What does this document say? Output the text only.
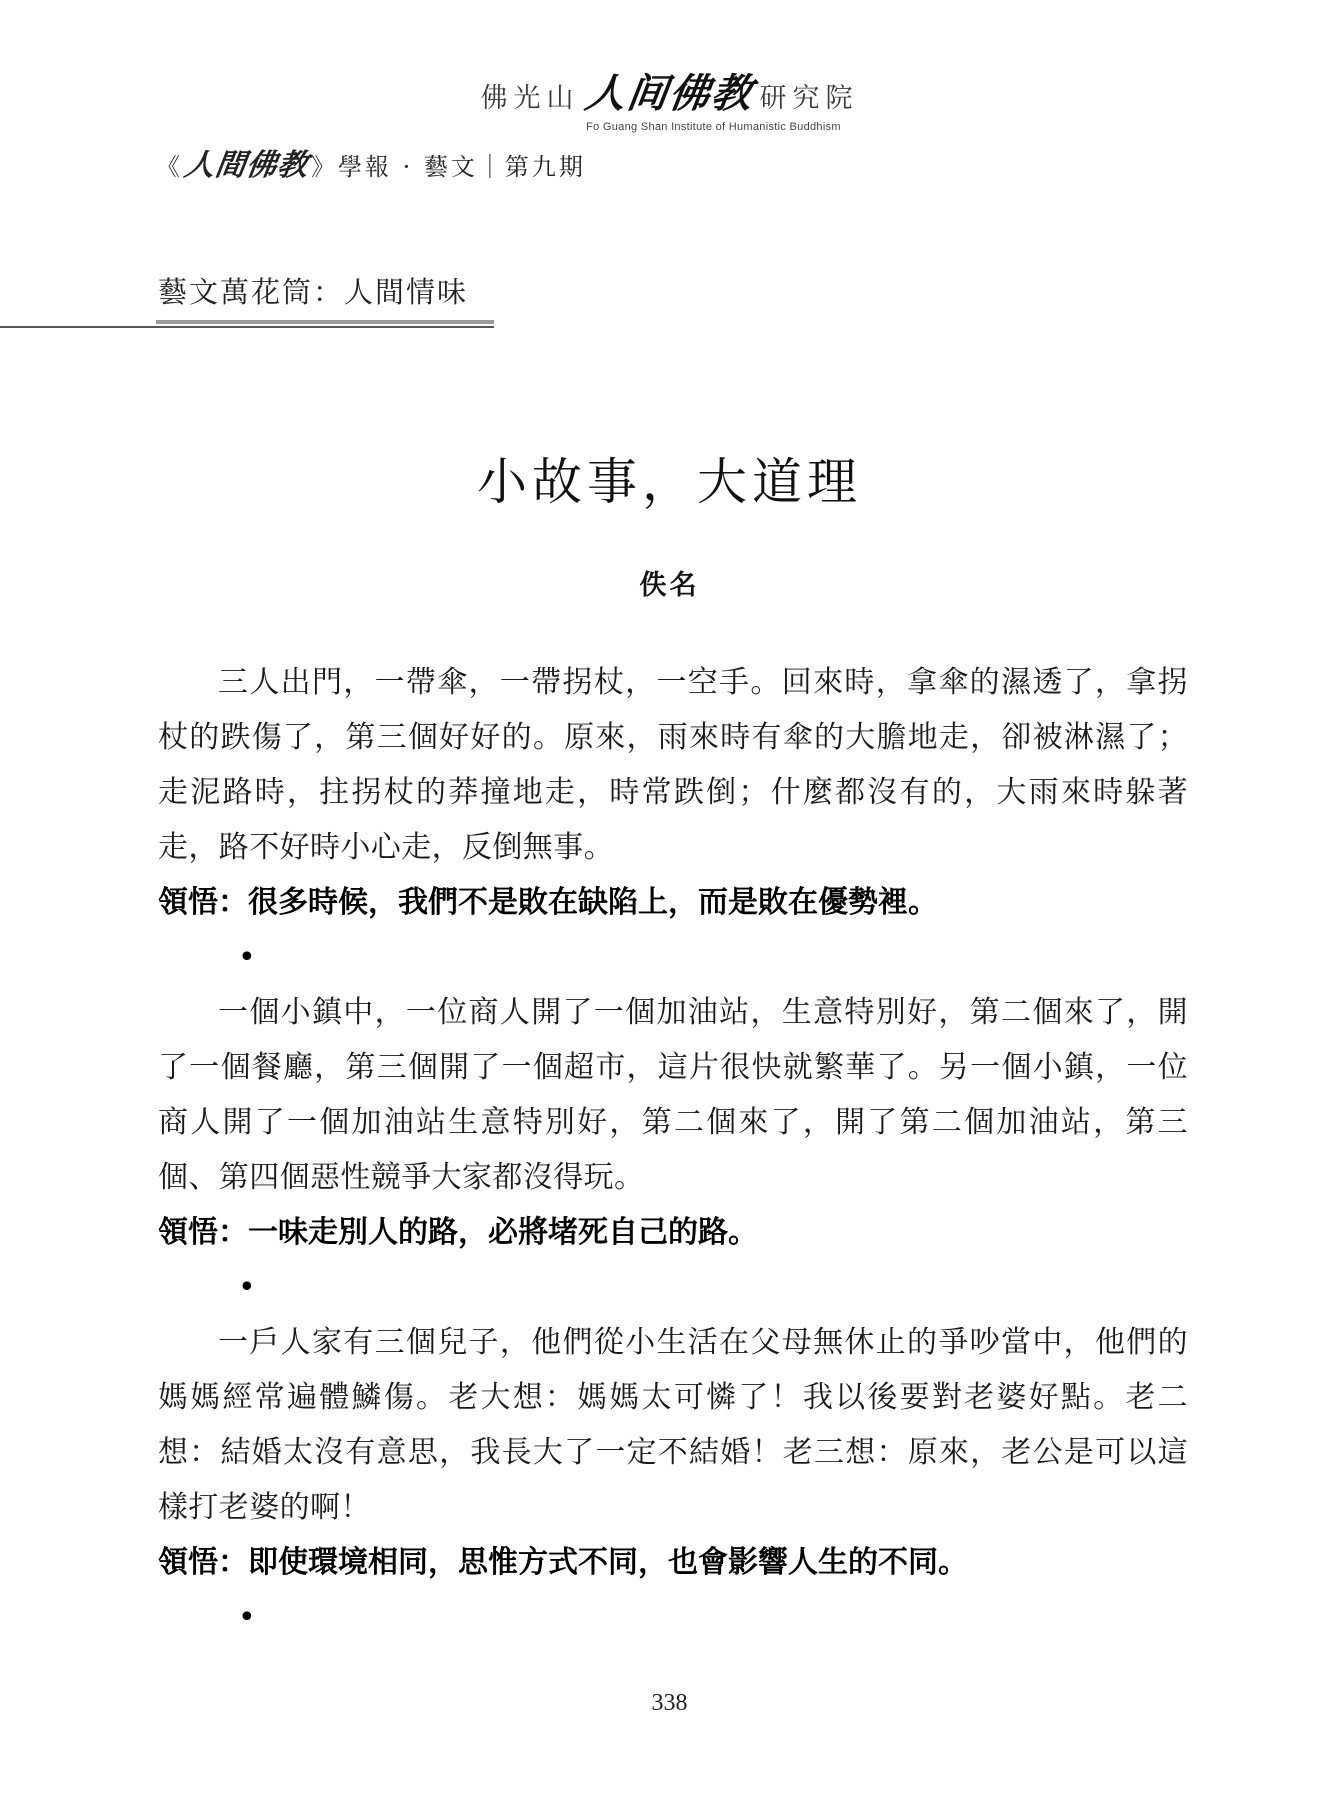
佛光山 人间佛教 研究院
Fo Guang Shan Institute of Humanistic Buddhism
《 人間佛教 》 學報 · 藝文｜第九期
藝文萬花筒：人間情味
小故事，大道理
佚名

三人出門，一帶傘，一帶拐杖，一空手。回來時，拿傘的濕透了，拿拐杖的跌傷了，第三個好好的。原來，雨來時有傘的大膽地走，卻被淋濕了；走泥路時，拄拐杖的莽撞地走，時常跌倒；什麼都沒有的，大雨來時躲著走，路不好時小心走，反倒無事。

領悟：很多時候，我們不是敗在缺陷上，而是敗在優勢裡。

•

一個小鎮中，一位商人開了一個加油站，生意特別好，第二個來了，開了一個餐廳，第三個開了一個超市，這片很快就繁華了。另一個小鎮，一位商人開了一個加油站生意特別好，第二個來了，開了第二個加油站，第三個、第四個惡性競爭大家都沒得玩。

領悟：一味走別人的路，必將堵死自己的路。

•

一戶人家有三個兒子，他們從小生活在父母無休止的爭吵當中，他們的媽媽經常遍體鱗傷。老大想：媽媽太可憐了！我以後要對老婆好點。老二想：結婚太沒有意思，我長大了一定不結婚！老三想：原來，老公是可以這樣打老婆的啊！

領悟：即使環境相同，思惟方式不同，也會影響人生的不同。

•
338
